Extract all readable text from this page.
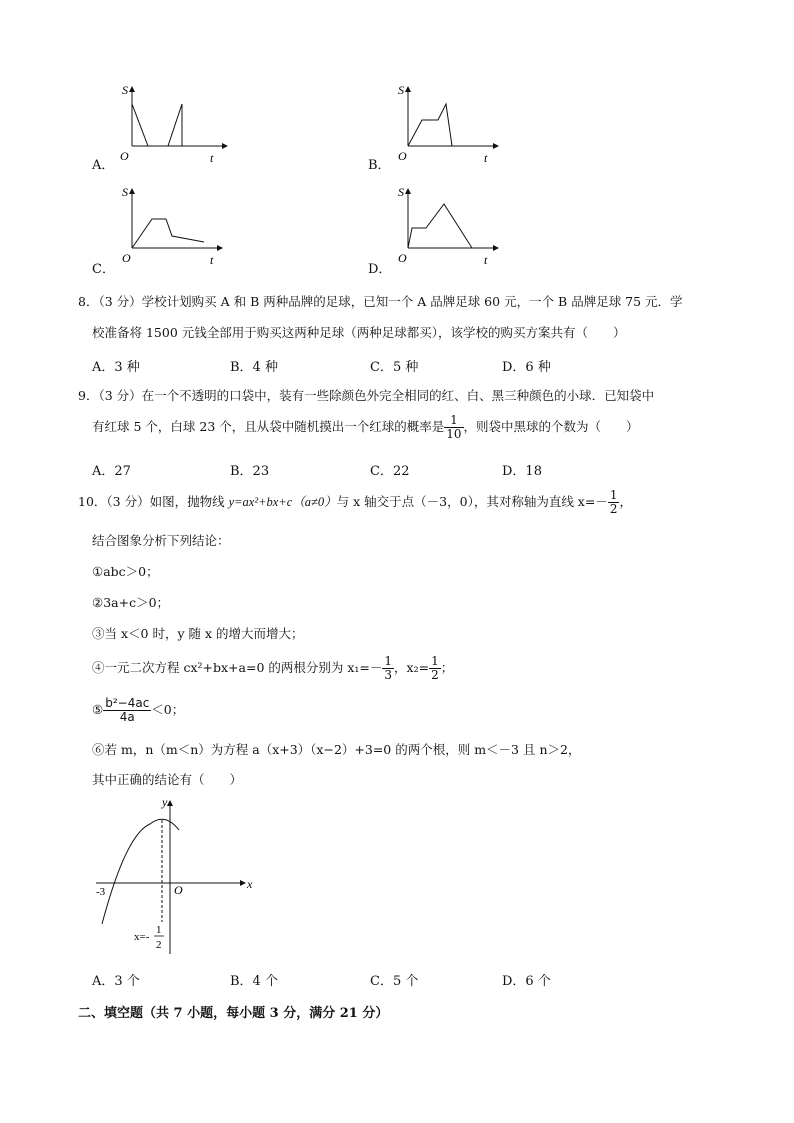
S
O	t
A．
S
O	t
B．
S
O	t
C．
S
O	t
D．
8．（3 分）学校计划购买 A 和 B 两种品牌的足球，已知一个 A 品牌足球 60 元，一个 B 品牌足球 75 元．学
校准备将 1500 元钱全部用于购买这两种足球（两种足球都买），该学校的购买方案共有（　　）
A．3 种	B．4 种	C．5 种	D．6 种
9．（3 分）在一个不透明的口袋中，装有一些除颜色外完全相同的红、白、黑三种颜色的小球．已知袋中
有红球 5 个，白球 23 个，且从袋中随机摸出一个红球的概率是 $\frac{1}{10}$ ，则袋中黑球的个数为（　　）
A．27	B．23	C．22	D．18
10．（3 分）如图，抛物线 y=ax²+bx+c（a≠0）与 x 轴交于点（－3，0），其对称轴为直线 $x=- \frac{1}{2}$ ，
结合图象分析下列结论：
①abc＞0；
②3a+c＞0；
③当 x＜0 时，y 随 x 的增大而增大；
④一元二次方程 cx²+bx+a=0 的两根分别为 $x_1=- \frac{1}{3}$ ，$x_2= \frac{1}{2}$ ；
⑤ $\frac{\text{b²−4ac}}{4a} <0$；
⑥若 m，n（m＜n）为方程 a（x+3）（x−2）+3=0 的两个根，则 m＜－3 且 n＞2，
其中正确的结论有（　　）
y
x
O
-3
x=-
1
2
A．3 个	B．4 个	C．5 个	D．6 个
二、填空题（共 7 小题，每小题 3 分，满分 21 分）
